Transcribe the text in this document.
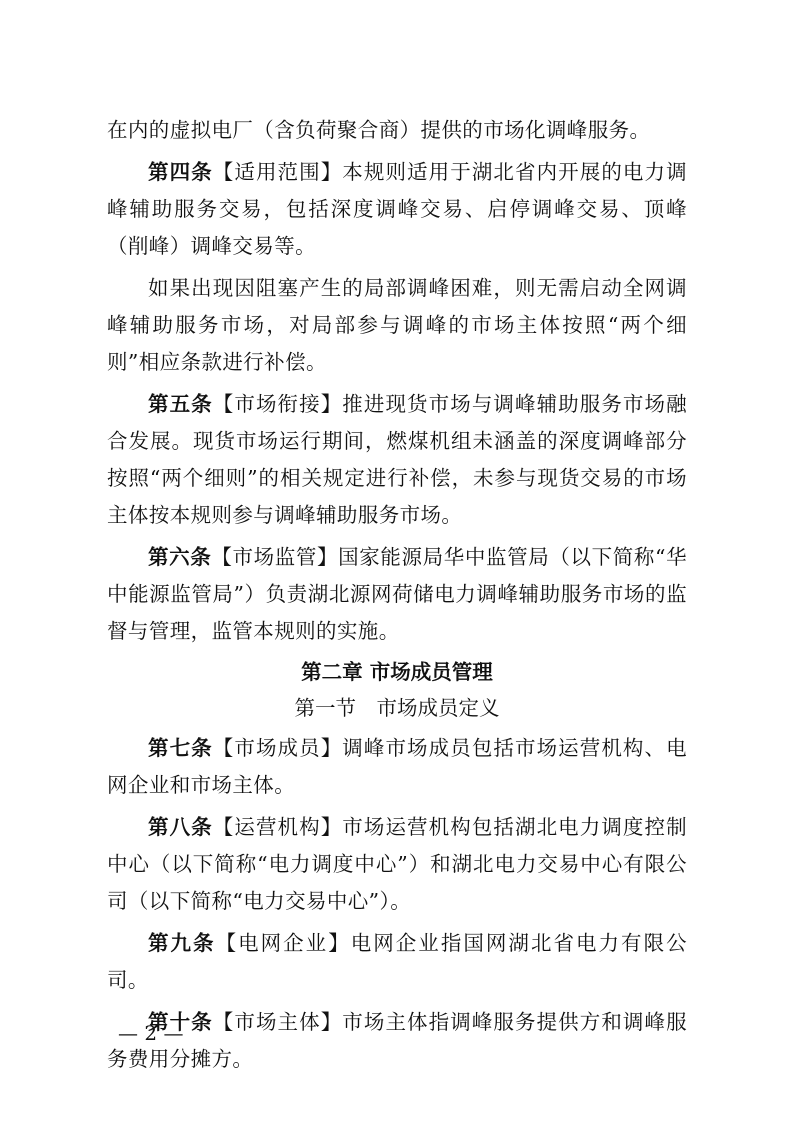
在内的虚拟电厂（含负荷聚合商）提供的市场化调峰服务。

第四条【适用范围】本规则适用于湖北省内开展的电力调峰辅助服务交易，包括深度调峰交易、启停调峰交易、顶峰（削峰）调峰交易等。

如果出现因阻塞产生的局部调峰困难，则无需启动全网调峰辅助服务市场，对局部参与调峰的市场主体按照“两个细则”相应条款进行补偿。

第五条【市场衔接】推进现货市场与调峰辅助服务市场融合发展。现货市场运行期间，燃煤机组未涵盖的深度调峰部分按照“两个细则”的相关规定进行补偿，未参与现货交易的市场主体按本规则参与调峰辅助服务市场。

第六条【市场监管】国家能源局华中监管局（以下简称“华中能源监管局”）负责湖北源网荷储电力调峰辅助服务市场的监督与管理，监管本规则的实施。

第二章 市场成员管理
第一节　市场成员定义

第七条【市场成员】调峰市场成员包括市场运营机构、电网企业和市场主体。

第八条【运营机构】市场运营机构包括湖北电力调度控制中心（以下简称“电力调度中心”）和湖北电力交易中心有限公司（以下简称“电力交易中心”）。

第九条【电网企业】电网企业指国网湖北省电力有限公司。

第十条【市场主体】市场主体指调峰服务提供方和调峰服务费用分摊方。

— 2 —
